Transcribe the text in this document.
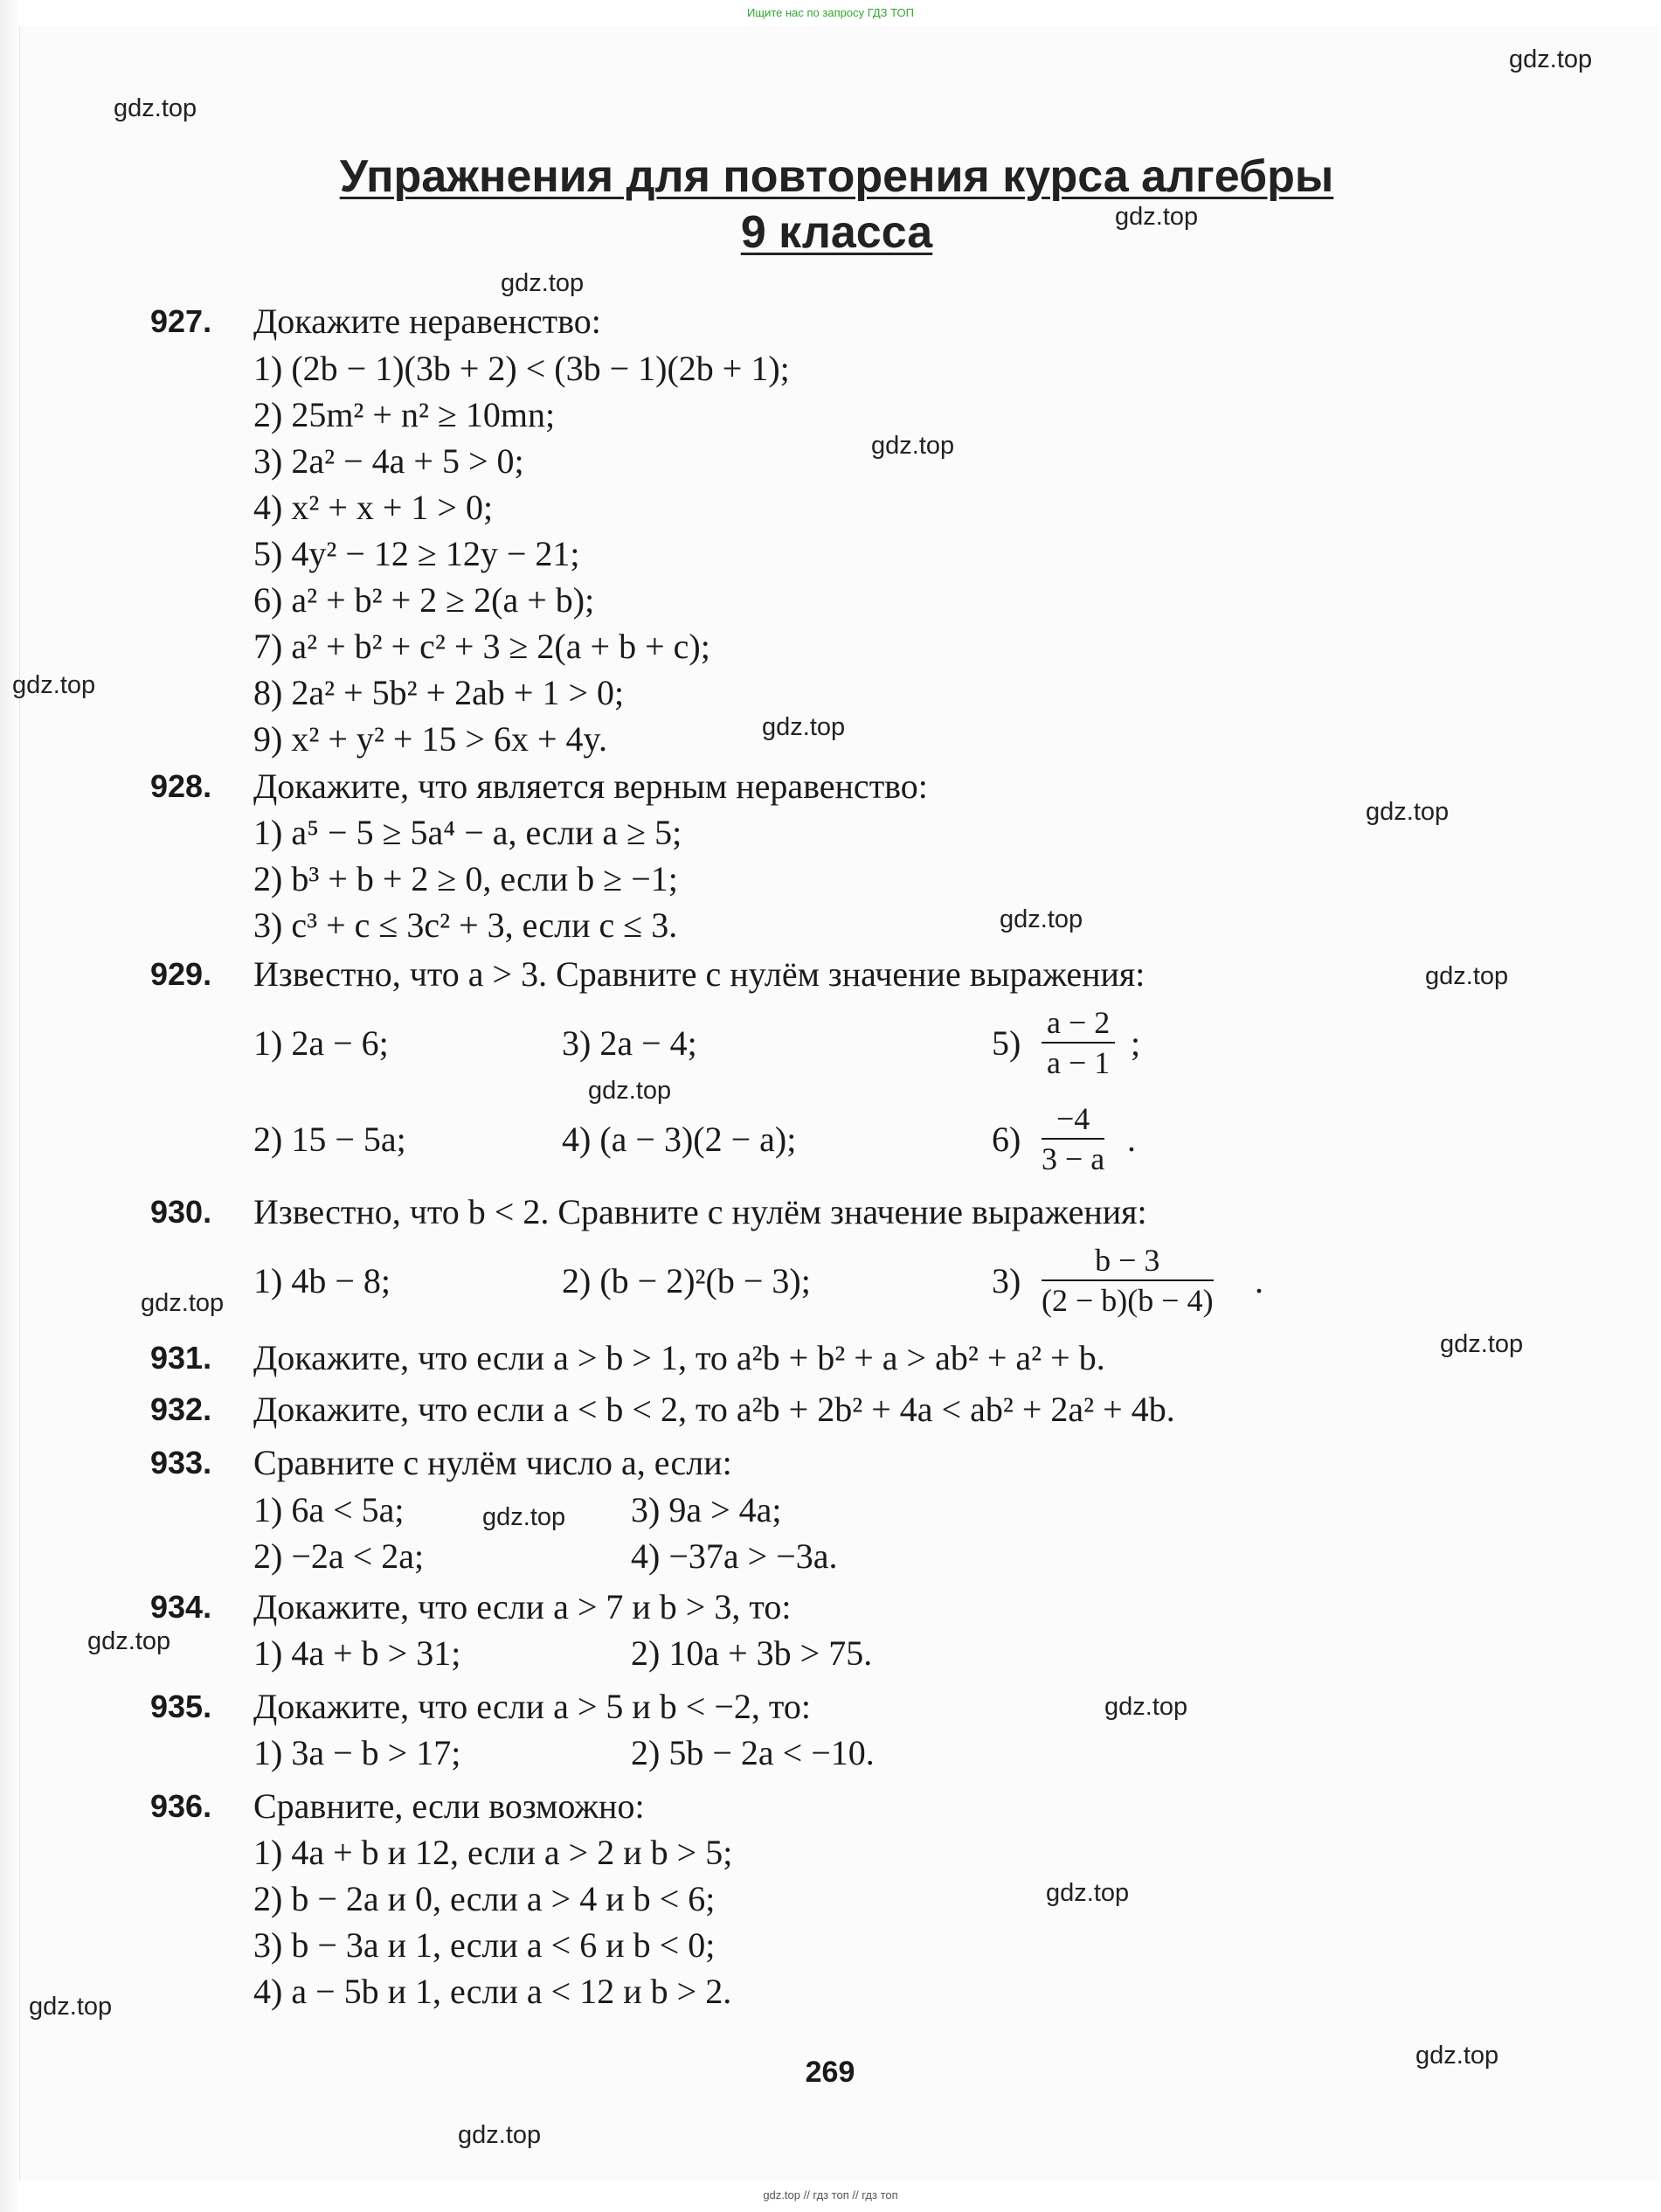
Ищите нас по запросу ГДЗ ТОП
gdz.top
gdz.top
gdz.top
gdz.top
gdz.top
gdz.top
gdz.top
gdz.top
gdz.top
gdz.top
gdz.top
gdz.top
gdz.top
gdz.top
gdz.top
gdz.top
gdz.top
gdz.top
gdz.top
gdz.top
Упражнения для повторения курса алгебры
9 класса
927. Докажите неравенство:
1) (2b − 1)(3b + 2) < (3b − 1)(2b + 1);
2) 25m² + n² ≥ 10mn;
3) 2a² − 4a + 5 > 0;
4) x² + x + 1 > 0;
5) 4y² − 12 ≥ 12y − 21;
6) a² + b² + 2 ≥ 2(a + b);
7) a² + b² + c² + 3 ≥ 2(a + b + c);
8) 2a² + 5b² + 2ab + 1 > 0;
9) x² + y² + 15 > 6x + 4y.
928. Докажите, что является верным неравенство:
1) a⁵ − 5 ≥ 5a⁴ − a, если a ≥ 5;
2) b³ + b + 2 ≥ 0, если b ≥ −1;
3) c³ + c ≤ 3c² + 3, если c ≤ 3.
929. Известно, что a > 3. Сравните с нулём значение выражения:
1) 2a − 6;	3) 2a − 4;	$5) \frac{a - 2}{a - 1}$ ;
2) 15 − 5a;	4) (a − 3)(2 − a);	$6) \frac{-4}{3 - a}$ .
930. Известно, что b < 2. Сравните с нулём значение выражения:
1) 4b − 8;	2) (b − 2)²(b − 3);	$3) \frac{b - 3}{(2 - b)(b - 4)}$ .
931. Докажите, что если a > b > 1, то a²b + b² + a > ab² + a² + b.
932. Докажите, что если a < b < 2, то a²b + 2b² + 4a < ab² + 2a² + 4b.
933. Сравните с нулём число a, если:
1) 6a < 5a;	3) 9a > 4a;
2) −2a < 2a;	4) −37a > −3a.
934. Докажите, что если a > 7 и b > 3, то:
1) 4a + b > 31;	2) 10a + 3b > 75.
935. Докажите, что если a > 5 и b < −2, то:
1) 3a − b > 17;	2) 5b − 2a < −10.
936. Сравните, если возможно:
1) 4a + b и 12, если a > 2 и b > 5;
2) b − 2a и 0, если a > 4 и b < 6;
3) b − 3a и 1, если a < 6 и b < 0;
4) a − 5b и 1, если a < 12 и b > 2.
269
gdz.top // гдз топ // гдз топ
